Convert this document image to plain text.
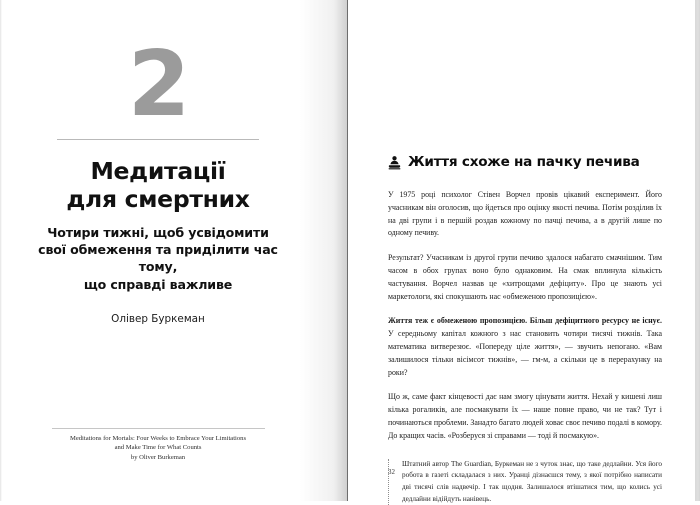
2
Медитації
для смертних
Чотири тижні, щоб усвідомити
свої обмеження та приділити час тому,
що справді важливе
Олівер Буркеман

Meditations for Mortals: Four Weeks to Embrace Your Limitations
and Make Time for What Counts
by Oliver Burkeman

Життя схоже на пачку печива

У 1975 році психолог Стівен Ворчел провів цікавий експеримент. Його учасникам він оголосив, що йдеться про оцінку якості печива. Потім розділив їх на дві групи і в першій роздав кожному по пачці печива, а в другій лише по одному печиву.

Результат? Учасникам із другої групи печиво здалося набагато смачнішим. Тим часом в обох групах воно було однаковим. На смак вплинула кількість частування. Ворчел назвав це «хитрощами дефіциту». Про це знають усі маркетологи, які спокушають нас «обмеженою пропозицією».

Життя теж є обмеженою пропозицією. Більш дефіцитного ресурсу не існує. У середньому капітал кожного з нас становить чотири тисячі тижнів. Така математика витверезює. «Попереду ціле життя», — звучить непогано. «Вам залишилося тільки вісімсот тижнів», — гм-м, а скільки це в перерахунку на роки?

Що ж, саме факт кінцевості дає нам змогу цінувати життя. Нехай у кишені лиш кілька рогаликів, але посмакувати їх — наше повне право, чи не так? Тут і починаються проблеми. Занадто багато людей ховає своє печиво подалі в комору. До кращих часів. «Розберуся зі справами — тоді й посмакую».

Штатний автор The Guardian, Буркеман не з чуток знає, що таке дедлайни. Уся його робота в газеті складалася з них. Уранці дізнаєшся тему, з якої потрібно написати дві тисячі слів надвечір. І так щодня. Залишалося втішатися тим, що колись усі дедлайни відійдуть нанівець.

32
